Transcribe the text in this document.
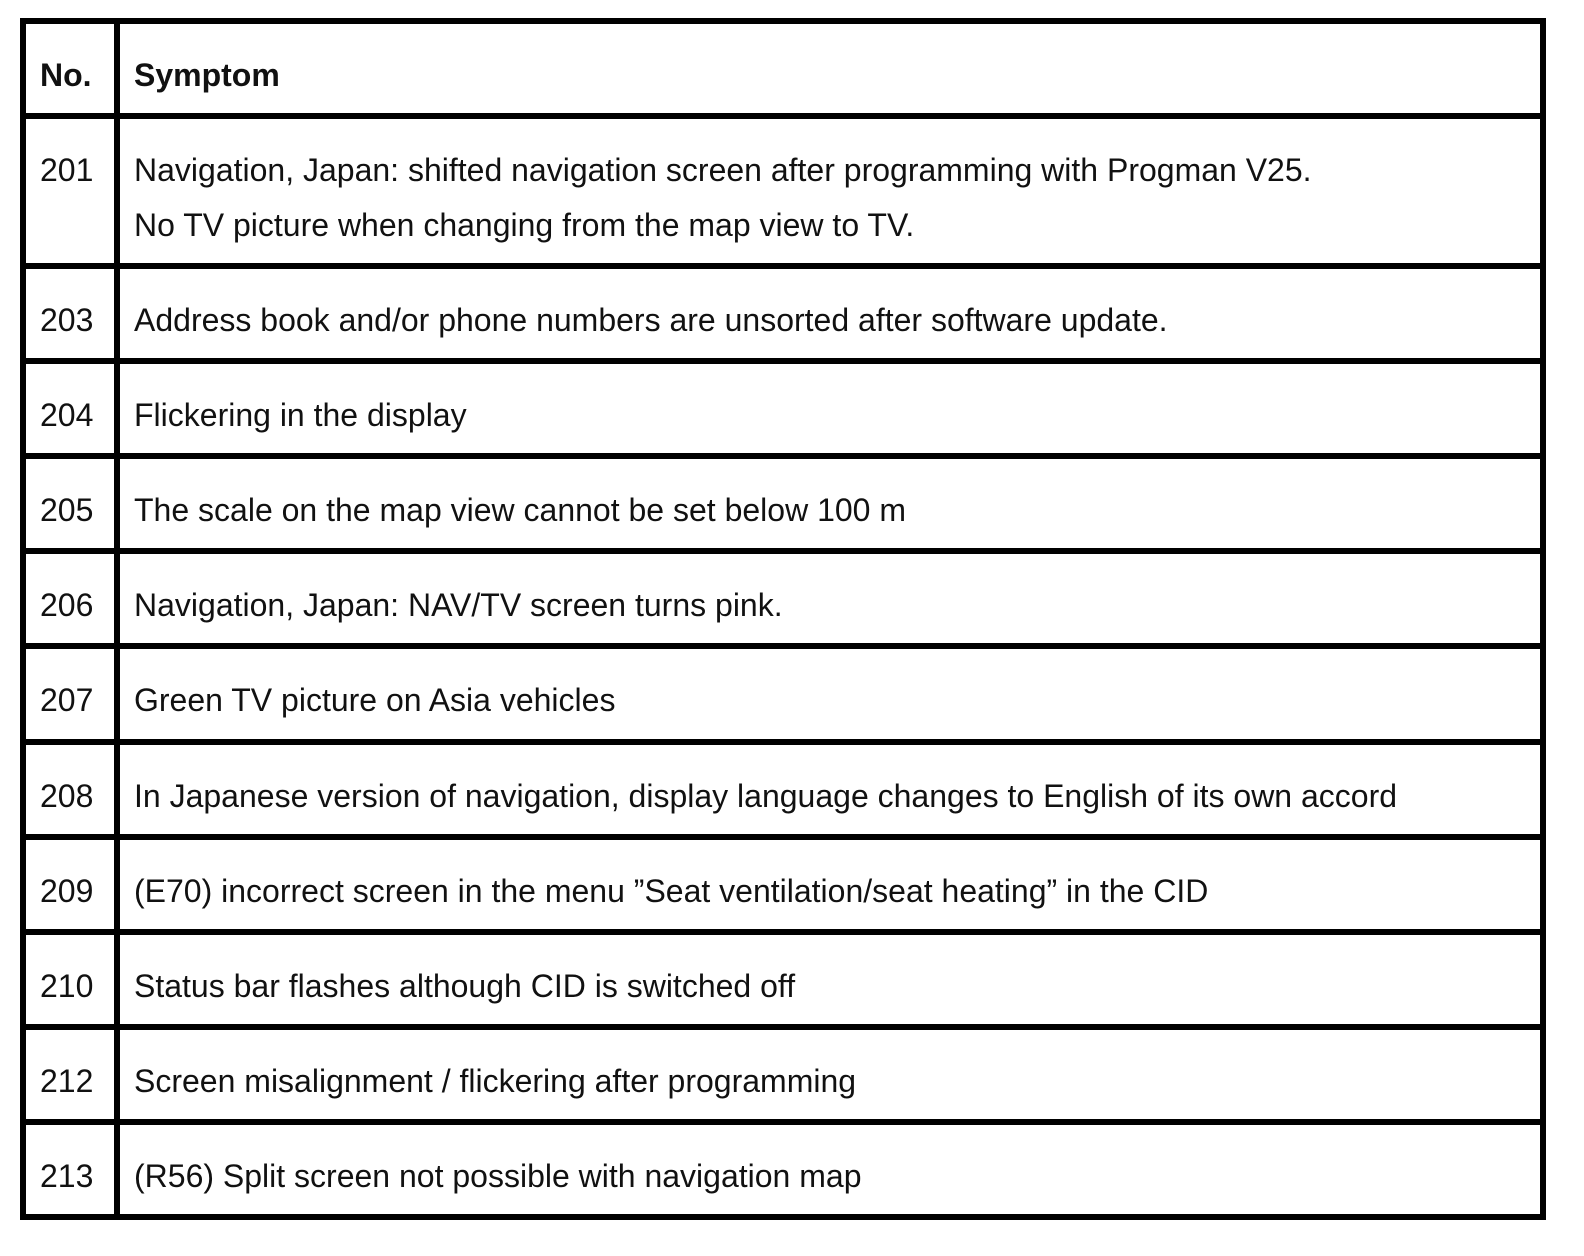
No.	Symptom

201	Navigation, Japan: shifted navigation screen after programming with Progman V25.
No TV picture when changing from the map view to TV.

203	Address book and/or phone numbers are unsorted after software update.

204	Flickering in the display

205	The scale on the map view cannot be set below 100 m

206	Navigation, Japan: NAV/TV screen turns pink.

207	Green TV picture on Asia vehicles

208	In Japanese version of navigation, display language changes to English of its own accord

209	(E70) incorrect screen in the menu ”Seat ventilation/seat heating” in the CID

210	Status bar flashes although CID is switched off

212	Screen misalignment / flickering after programming

213	(R56) Split screen not possible with navigation map
